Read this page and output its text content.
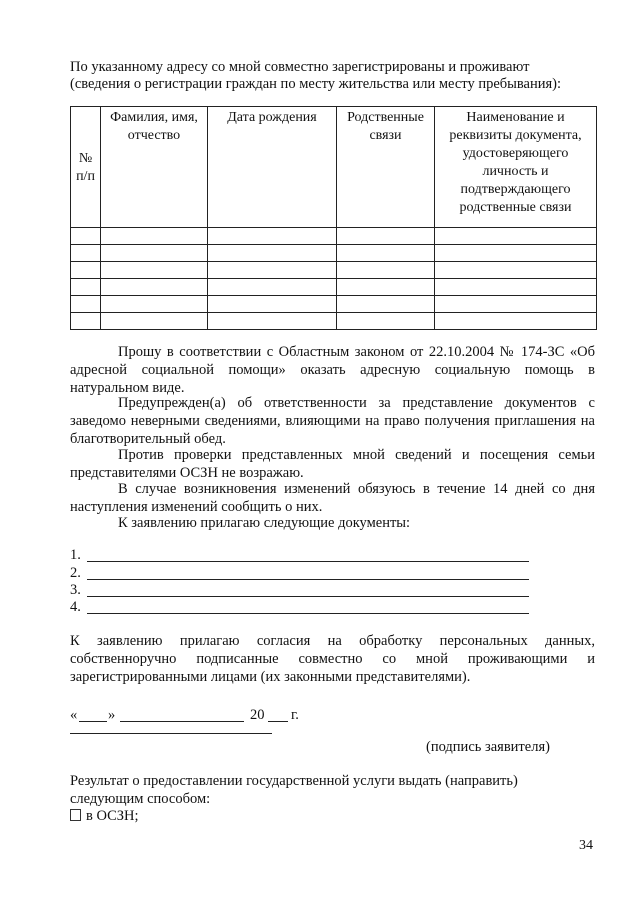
По указанному адресу со мной совместно зарегистрированы и проживают
(сведения о регистрации граждан по месту жительства или месту пребывания):
№ п/п	Фамилия, имя, отчество	Дата рождения	Родственные связи	Наименование и реквизиты документа, удостоверяющего личность и подтверждающего родственные связи

Прошу в соответствии с Областным законом от 22.10.2004 № 174-ЗС «Об адресной социальной помощи» оказать адресную социальную помощь в натуральном виде.
Предупрежден(а) об ответственности за представление документов с заведомо неверными сведениями, влияющими на право получения приглашения на благотворительный обед.
Против проверки представленных мной сведений и посещения семьи представителями ОСЗН не возражаю.
В случае возникновения изменений обязуюсь в течение 14 дней со дня наступления изменений сообщить о них.
К заявлению прилагаю следующие документы:
1.
2.
3.
4.
К заявлению прилагаю согласия на обработку персональных данных, собственноручно подписанные совместно со мной проживающими и зарегистрированными лицами (их законными представителями).
« »	20 г.
(подпись заявителя)
Результат о предоставлении государственной услуги выдать (направить)
следующим способом:
в ОСЗН;
34
